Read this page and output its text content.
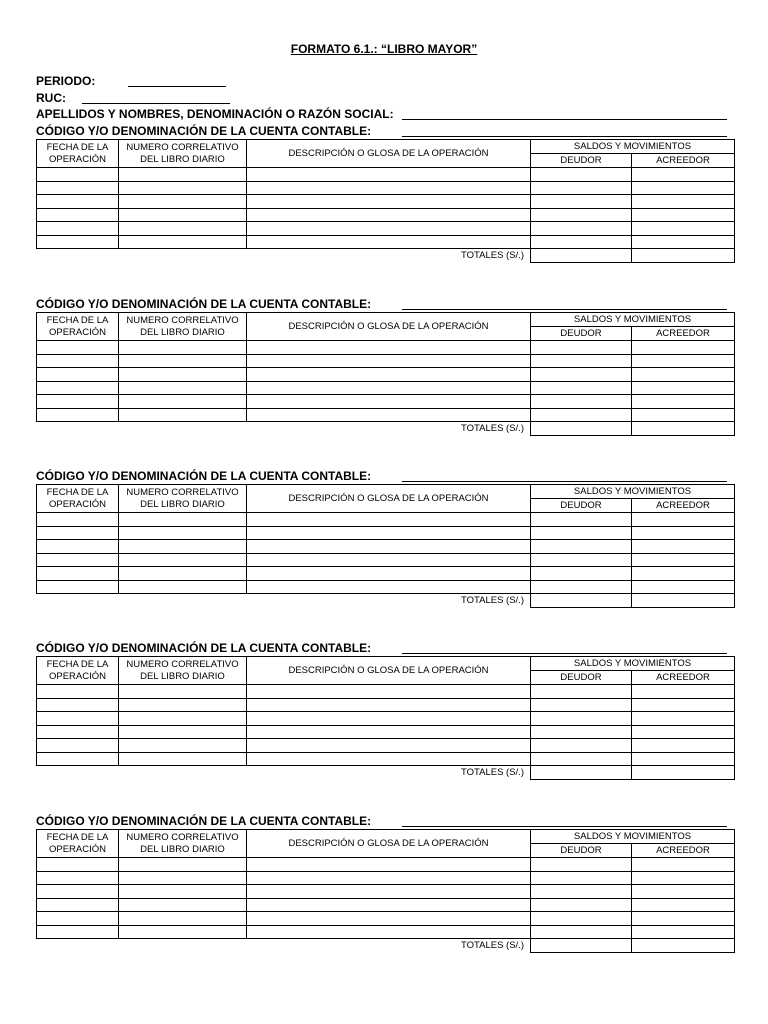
FORMATO 6.1.: “LIBRO MAYOR”
PERIODO:
RUC:
APELLIDOS Y NOMBRES, DENOMINACIÓN O RAZÓN SOCIAL:
CÓDIGO Y/O DENOMINACIÓN DE LA CUENTA CONTABLE:
FECHA DE LA OPERACIÓN	NUMERO CORRELATIVO DEL LIBRO DIARIO	DESCRIPCIÓN O GLOSA DE LA OPERACIÓN	SALDOS Y MOVIMIENTOS	
			DEUDOR	ACREEDOR

		TOTALES (S/.)		
CÓDIGO Y/O DENOMINACIÓN DE LA CUENTA CONTABLE:
FECHA DE LA OPERACIÓN	NUMERO CORRELATIVO DEL LIBRO DIARIO	DESCRIPCIÓN O GLOSA DE LA OPERACIÓN	SALDOS Y MOVIMIENTOS	
			DEUDOR	ACREEDOR

		TOTALES (S/.)		
CÓDIGO Y/O DENOMINACIÓN DE LA CUENTA CONTABLE:
FECHA DE LA OPERACIÓN	NUMERO CORRELATIVO DEL LIBRO DIARIO	DESCRIPCIÓN O GLOSA DE LA OPERACIÓN	SALDOS Y MOVIMIENTOS	
			DEUDOR	ACREEDOR

		TOTALES (S/.)		
CÓDIGO Y/O DENOMINACIÓN DE LA CUENTA CONTABLE:
FECHA DE LA OPERACIÓN	NUMERO CORRELATIVO DEL LIBRO DIARIO	DESCRIPCIÓN O GLOSA DE LA OPERACIÓN	SALDOS Y MOVIMIENTOS	
			DEUDOR	ACREEDOR

		TOTALES (S/.)		
CÓDIGO Y/O DENOMINACIÓN DE LA CUENTA CONTABLE:
FECHA DE LA OPERACIÓN	NUMERO CORRELATIVO DEL LIBRO DIARIO	DESCRIPCIÓN O GLOSA DE LA OPERACIÓN	SALDOS Y MOVIMIENTOS	
			DEUDOR	ACREEDOR

		TOTALES (S/.)		
